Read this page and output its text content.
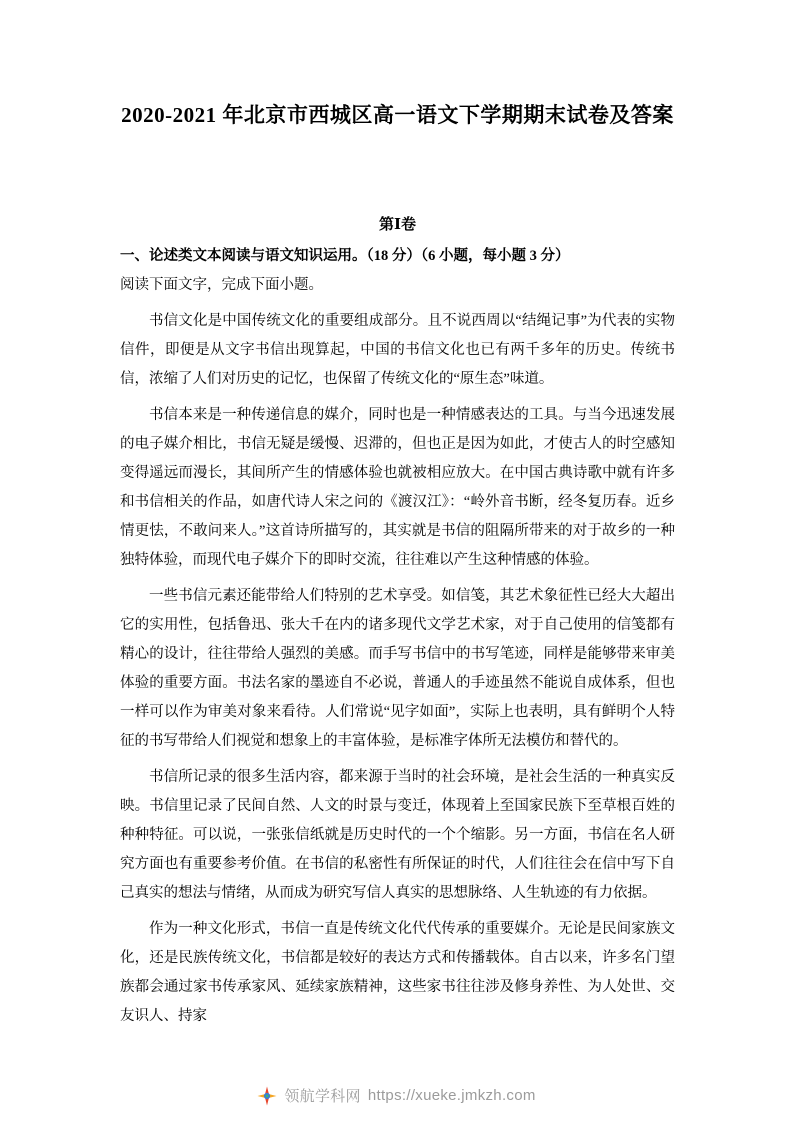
2020-2021 年北京市西城区高一语文下学期期末试卷及答案
第Ⅰ卷
一、论述类文本阅读与语文知识运用。（18 分）（6 小题，每小题 3 分）

阅读下面文字，完成下面小题。

书信文化是中国传统文化的重要组成部分。且不说西周以“结绳记事”为代表的实物信件，即便是从文字书信出现算起，中国的书信文化也已有两千多年的历史。传统书信，浓缩了人们对历史的记忆，也保留了传统文化的“原生态”味道。

书信本来是一种传递信息的媒介，同时也是一种情感表达的工具。与当今迅速发展的电子媒介相比，书信无疑是缓慢、迟滞的，但也正是因为如此，才使古人的时空感知变得遥远而漫长，其间所产生的情感体验也就被相应放大。在中国古典诗歌中就有许多和书信相关的作品，如唐代诗人宋之问的《渡汉江》：“岭外音书断，经冬复历春。近乡情更怯，不敢问来人。”这首诗所描写的，其实就是书信的阻隔所带来的对于故乡的一种独特体验，而现代电子媒介下的即时交流，往往难以产生这种情感的体验。

一些书信元素还能带给人们特别的艺术享受。如信笺，其艺术象征性已经大大超出它的实用性，包括鲁迅、张大千在内的诸多现代文学艺术家，对于自己使用的信笺都有精心的设计，往往带给人强烈的美感。而手写书信中的书写笔迹，同样是能够带来审美体验的重要方面。书法名家的墨迹自不必说，普通人的手迹虽然不能说自成体系，但也一样可以作为审美对象来看待。人们常说“见字如面”，实际上也表明，具有鲜明个人特征的书写带给人们视觉和想象上的丰富体验，是标准字体所无法模仿和替代的。

书信所记录的很多生活内容，都来源于当时的社会环境，是社会生活的一种真实反映。书信里记录了民间自然、人文的时景与变迁，体现着上至国家民族下至草根百姓的种种特征。可以说，一张张信纸就是历史时代的一个个缩影。另一方面，书信在名人研究方面也有重要参考价值。在书信的私密性有所保证的时代，人们往往会在信中写下自己真实的想法与情绪，从而成为研究写信人真实的思想脉络、人生轨迹的有力依据。

作为一种文化形式，书信一直是传统文化代代传承的重要媒介。无论是民间家族文化，还是民族传统文化，书信都是较好的表达方式和传播载体。自古以来，许多名门望族都会通过家书传承家风、延续家族精神，这些家书往往涉及修身养性、为人处世、交友识人、持家

领航学科网 https://xueke.jmkzh.com
